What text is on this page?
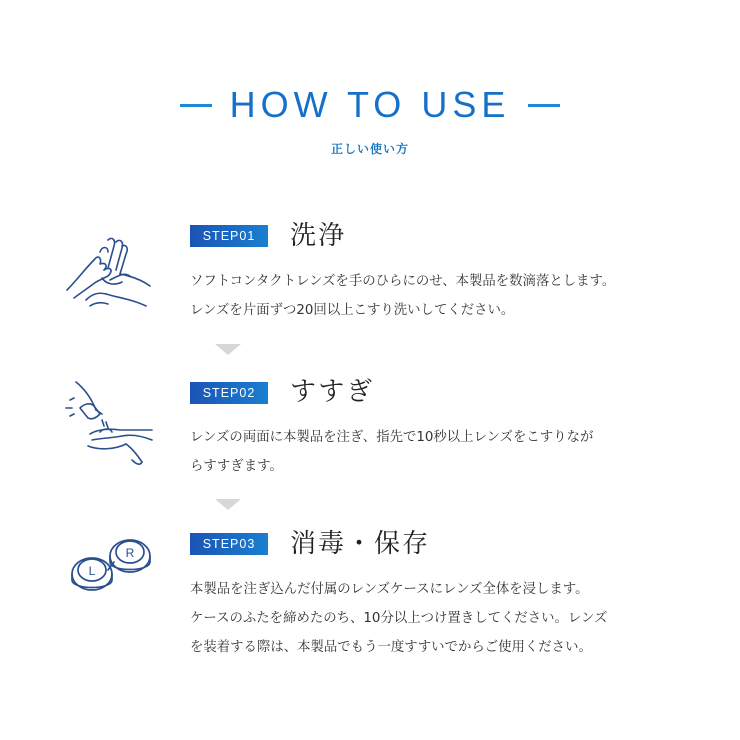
HOW TO USE
正しい使い方
STEP01	洗浄
ソフトコンタクトレンズを手のひらにのせ、本製品を数滴落とします。
レンズを片面ずつ20回以上こすり洗いしてください。
STEP02	すすぎ
レンズの両面に本製品を注ぎ、指先で10秒以上レンズをこすりなが
らすすぎます。
L
R
STEP03	消毒・保存
本製品を注ぎ込んだ付属のレンズケースにレンズ全体を浸します。
ケースのふたを締めたのち、10分以上つけ置きしてください。レンズ
を装着する際は、本製品でもう一度すすいでからご使用ください。
